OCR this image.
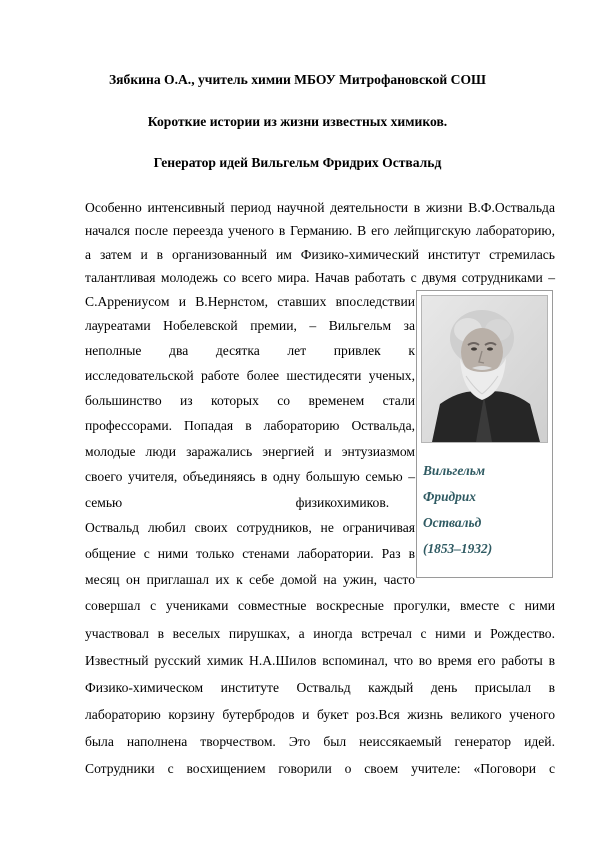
Зябкина О.А., учитель химии МБОУ Митрофановской СОШ
Короткие истории из жизни известных химиков.
Генератор идей Вильгельм Фридрих Оствальд
Особенно интенсивный период научной деятельности в жизни В.Ф.Оствальда
начался после переезда ученого в Германию. В его лейпцигскую лабораторию,
а затем и в организованный им Физико-химический институт стремилась
талантливая молодежь со всего мира. Начав работать с двумя сотрудниками –
С.Аррениусом и В.Нернстом, ставших впоследствии
лауреатами Нобелевской премии, – Вильгельм за
неполные два десятка лет привлек к
исследовательской работе более шестидесяти ученых,
большинство из которых со временем стали
профессорами. Попадая в лабораторию Оствальда,
молодые люди заражались энергией и энтузиазмом
своего учителя, объединяясь в одну большую семью –
семью физикохимиков.
Оствальд любил своих сотрудников, не ограничивая
общение с ними только стенами лаборатории. Раз в
месяц он приглашал их к себе домой на ужин, часто
совершал с учениками совместные воскресные прогулки, вместе с ними
участвовал в веселых пирушках, а иногда встречал с ними и Рождество.
Известный русский химик Н.А.Шилов вспоминал, что во время его работы в
Физико-химическом институте Оствальд каждый день присылал в
лабораторию корзину бутербродов и букет роз.Вся жизнь великого ученого
была наполнена творчеством. Это был неиссякаемый генератор идей.
Сотрудники с восхищением говорили о своем учителе: «Поговори с
Вильгельм
Фридрих
Оствальд
(1853–1932)
